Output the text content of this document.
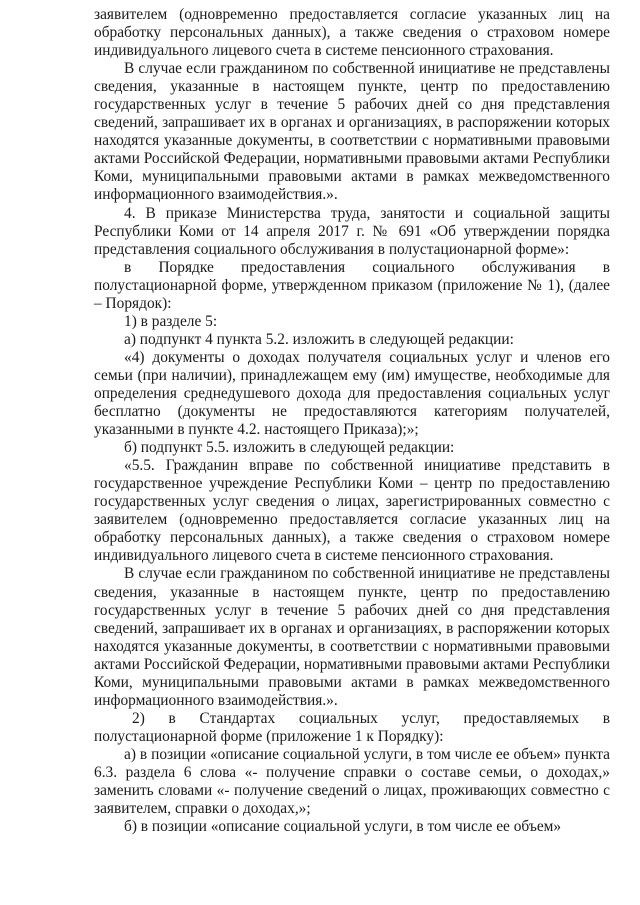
заявителем (одновременно предоставляется согласие указанных лиц на обработку персональных данных), а также сведения о страховом номере индивидуального лицевого счета в системе пенсионного страхования.

В случае если гражданином по собственной инициативе не представлены сведения, указанные в настоящем пункте, центр по предоставлению государственных услуг в течение 5 рабочих дней со дня представления сведений, запрашивает их в органах и организациях, в распоряжении которых находятся указанные документы, в соответствии с нормативными правовыми актами Российской Федерации, нормативными правовыми актами Республики Коми, муниципальными правовыми актами в рамках межведомственного информационного взаимодействия.».

4. В приказе Министерства труда, занятости и социальной защиты Республики Коми от 14 апреля 2017 г. № 691 «Об утверждении порядка представления социального обслуживания в полустационарной форме»:

в Порядке предоставления социального обслуживания в полустационарной форме, утвержденном приказом (приложение № 1), (далее – Порядок):

1) в разделе 5:

а) подпункт 4 пункта 5.2. изложить в следующей редакции:

«4) документы о доходах получателя социальных услуг и членов его семьи (при наличии), принадлежащем ему (им) имуществе, необходимые для определения среднедушевого дохода для предоставления социальных услуг бесплатно (документы не предоставляются категориям получателей, указанными в пункте 4.2. настоящего Приказа);»;

б) подпункт 5.5. изложить в следующей редакции:

«5.5. Гражданин вправе по собственной инициативе представить в государственное учреждение Республики Коми – центр по предоставлению государственных услуг сведения о лицах, зарегистрированных совместно с заявителем (одновременно предоставляется согласие указанных лиц на обработку персональных данных), а также сведения о страховом номере индивидуального лицевого счета в системе пенсионного страхования.

В случае если гражданином по собственной инициативе не представлены сведения, указанные в настоящем пункте, центр по предоставлению государственных услуг в течение 5 рабочих дней со дня представления сведений, запрашивает их в органах и организациях, в распоряжении которых находятся указанные документы, в соответствии с нормативными правовыми актами Российской Федерации, нормативными правовыми актами Республики Коми, муниципальными правовыми актами в рамках межведомственного информационного взаимодействия.».

2) в Стандартах социальных услуг, предоставляемых в полустационарной форме (приложение 1 к Порядку):

а) в позиции «описание социальной услуги, в том числе ее объем» пункта 6.3. раздела 6 слова «- получение справки о составе семьи, о доходах,» заменить словами «- получение сведений о лицах, проживающих совместно с заявителем, справки о доходах,»;

б) в позиции «описание социальной услуги, в том числе ее объем»
